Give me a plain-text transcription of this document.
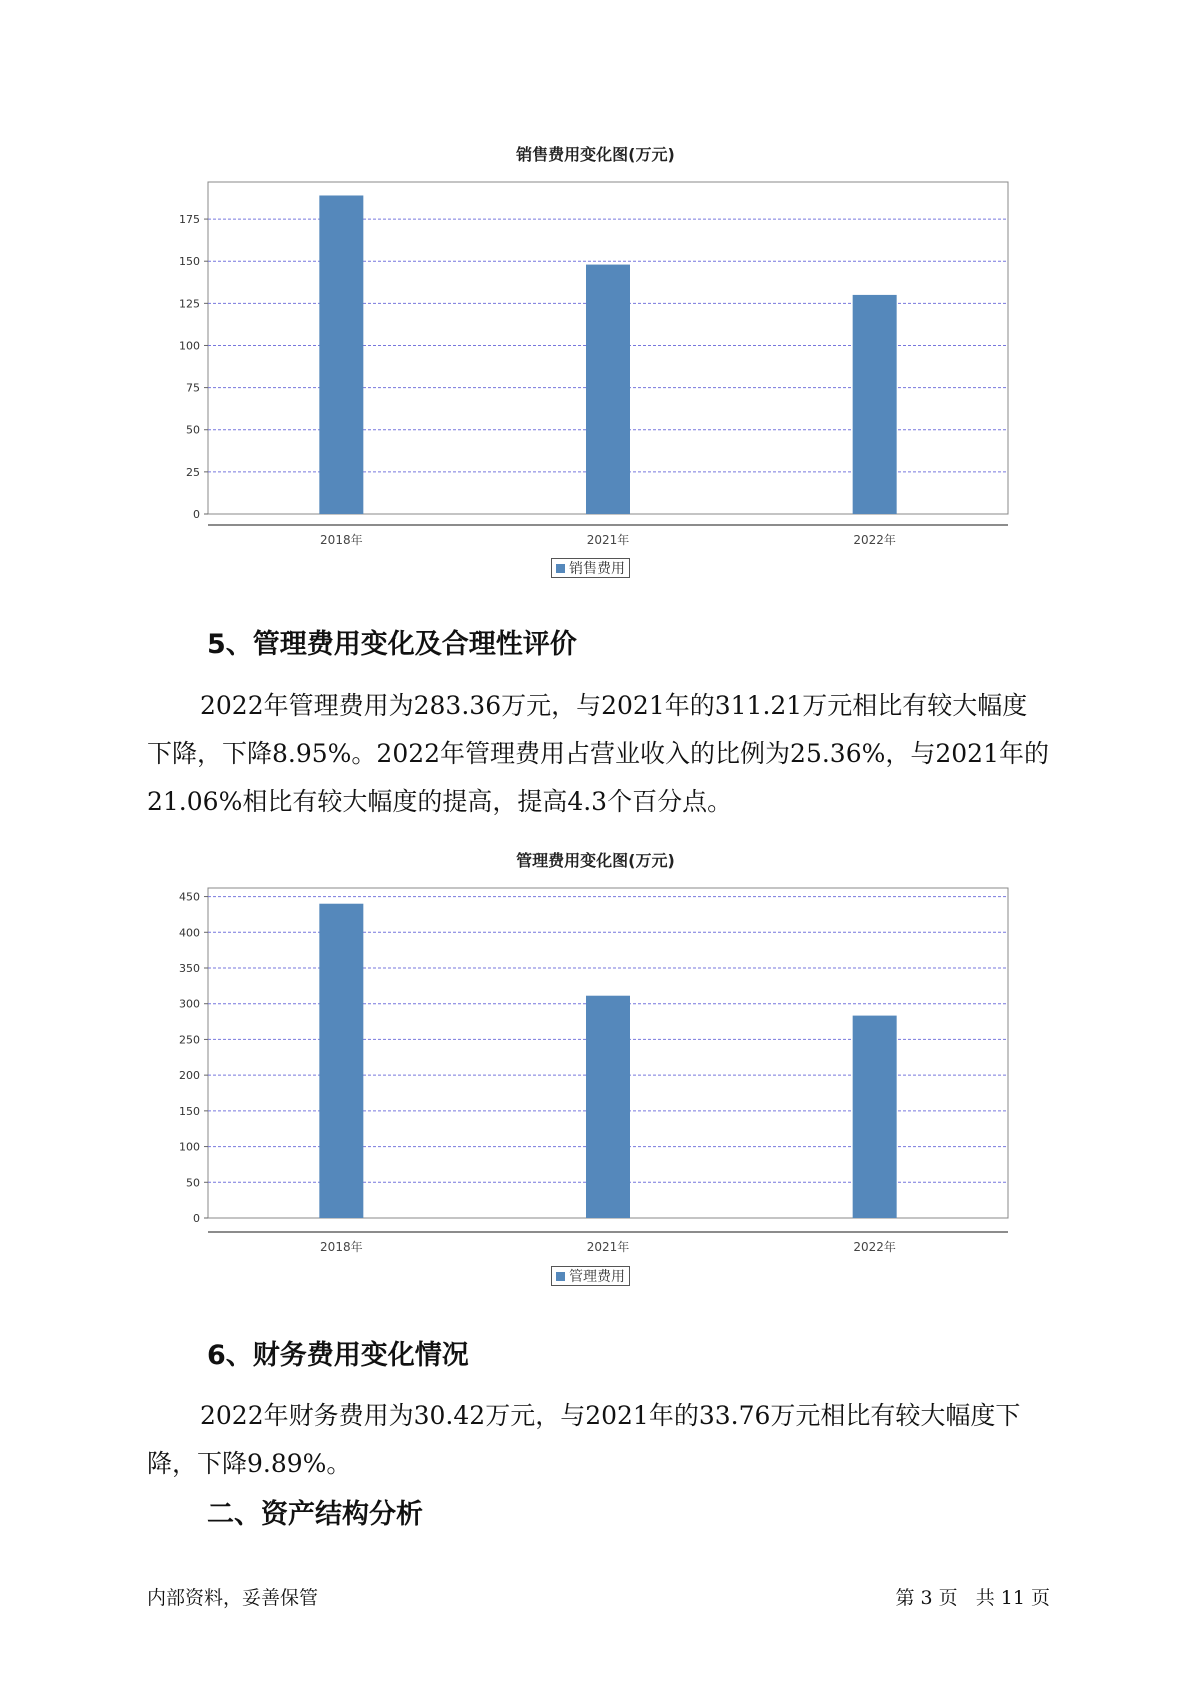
销售费用变化图(万元)
0
25
50
75
100
125
150
175
2018年	2021年	2022年
销售费用
5、管理费用变化及合理性评价

2022年管理费用为283.36万元，与2021年的311.21万元相比有较大幅度下降，下降8.95%。2022年管理费用占营业收入的比例为25.36%，与2021年的21.06%相比有较大幅度的提高，提高4.3个百分点。

管理费用变化图(万元)
0
50
100
150
200
250
300
350
400
450
2018年	2021年	2022年
管理费用
6、财务费用变化情况

2022年财务费用为30.42万元，与2021年的33.76万元相比有较大幅度下降，下降9.89%。

二、资产结构分析
内部资料，妥善保管	第 3 页   共 11 页
